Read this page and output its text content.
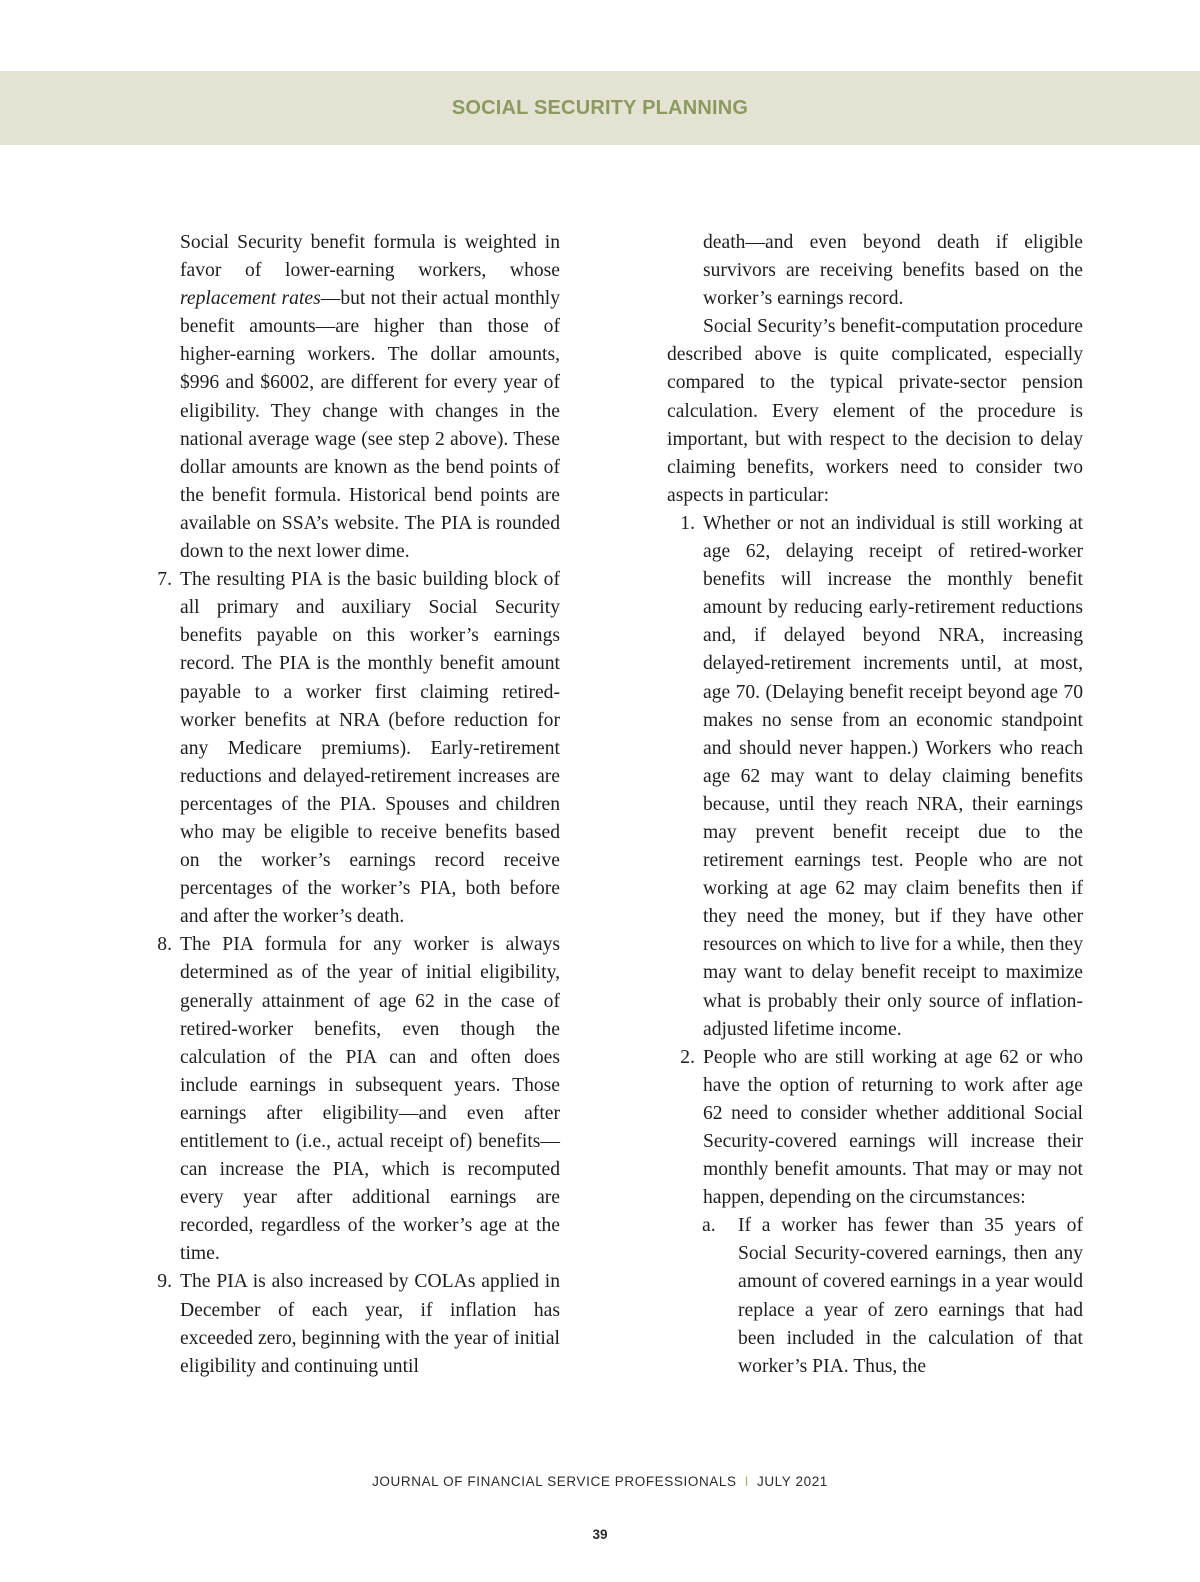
SOCIAL SECURITY PLANNING

Social Security benefit formula is weighted in favor of lower-earning workers, whose replacement rates—but not their actual monthly benefit amounts—are higher than those of higher-earning workers. The dollar amounts, $996 and $6002, are different for every year of eligibility. They change with changes in the national average wage (see step 2 above). These dollar amounts are known as the bend points of the benefit formula. Historical bend points are available on SSA’s website. The PIA is rounded down to the next lower dime.

7. The resulting PIA is the basic building block of all primary and auxiliary Social Security benefits payable on this worker’s earnings record. The PIA is the monthly benefit amount payable to a worker first claiming retired-worker benefits at NRA (before reduction for any Medicare premiums). Early-retirement reductions and delayed-retirement increases are percentages of the PIA. Spouses and children who may be eligible to receive benefits based on the worker’s earnings record receive percentages of the worker’s PIA, both before and after the worker’s death.

8. The PIA formula for any worker is always determined as of the year of initial eligibility, generally attainment of age 62 in the case of retired-worker benefits, even though the calculation of the PIA can and often does include earnings in subsequent years. Those earnings after eligibility—and even after entitlement to (i.e., actual receipt of) benefits—can increase the PIA, which is recomputed every year after additional earnings are recorded, regardless of the worker’s age at the time.

9. The PIA is also increased by COLAs applied in December of each year, if inflation has exceeded zero, beginning with the year of initial eligibility and continuing until

death—and even beyond death if eligible survivors are receiving benefits based on the worker’s earnings record.

Social Security’s benefit-computation procedure described above is quite complicated, especially compared to the typical private-sector pension calculation. Every element of the procedure is important, but with respect to the decision to delay claiming benefits, workers need to consider two aspects in particular:

1. Whether or not an individual is still working at age 62, delaying receipt of retired-worker benefits will increase the monthly benefit amount by reducing early-retirement reductions and, if delayed beyond NRA, increasing delayed-retirement increments until, at most, age 70. (Delaying benefit receipt beyond age 70 makes no sense from an economic standpoint and should never happen.) Workers who reach age 62 may want to delay claiming benefits because, until they reach NRA, their earnings may prevent benefit receipt due to the retirement earnings test. People who are not working at age 62 may claim benefits then if they need the money, but if they have other resources on which to live for a while, then they may want to delay benefit receipt to maximize what is probably their only source of inflation-adjusted lifetime income.

2. People who are still working at age 62 or who have the option of returning to work after age 62 need to consider whether additional Social Security-covered earnings will increase their monthly benefit amounts. That may or may not happen, depending on the circumstances:

a.	If a worker has fewer than 35 years of Social Security-covered earnings, then any amount of covered earnings in a year would replace a year of zero earnings that had been included in the calculation of that worker’s PIA. Thus, the

JOURNAL OF FINANCIAL SERVICE PROFESSIONALS I JULY 2021
39
